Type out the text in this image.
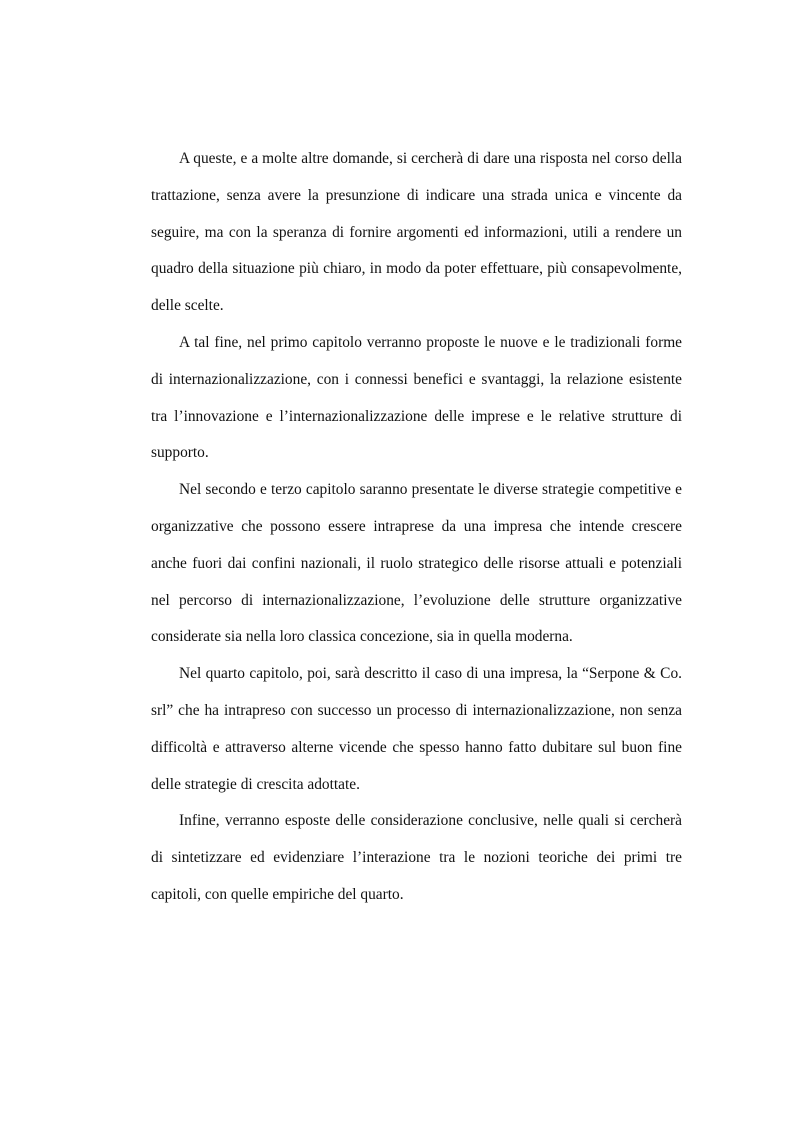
A queste, e a molte altre domande, si cercherà di dare una risposta nel corso della trattazione, senza avere la presunzione di indicare una strada unica e vincente da seguire, ma con la speranza di fornire argomenti ed informazioni, utili a rendere un quadro della situazione più chiaro, in modo da poter effettuare, più consapevolmente, delle scelte.

A tal fine, nel primo capitolo verranno proposte le nuove e le tradizionali forme di internazionalizzazione, con i connessi benefici e svantaggi, la relazione esistente tra l’innovazione e l’internazionalizzazione delle imprese e le relative strutture di supporto.

Nel secondo e terzo capitolo saranno presentate le diverse strategie competitive e organizzative che possono essere intraprese da una impresa che intende crescere anche fuori dai confini nazionali, il ruolo strategico delle risorse attuali e potenziali nel percorso di internazionalizzazione, l’evoluzione delle strutture organizzative considerate sia nella loro classica concezione, sia in quella moderna.

Nel quarto capitolo, poi, sarà descritto il caso di una impresa, la “Serpone & Co. srl” che ha intrapreso con successo un processo di internazionalizzazione, non senza difficoltà e attraverso alterne vicende che spesso hanno fatto dubitare sul buon fine delle strategie di crescita adottate.

Infine, verranno esposte delle considerazione conclusive, nelle quali si cercherà di sintetizzare ed evidenziare l’interazione tra le nozioni teoriche dei primi tre capitoli, con quelle empiriche del quarto.
